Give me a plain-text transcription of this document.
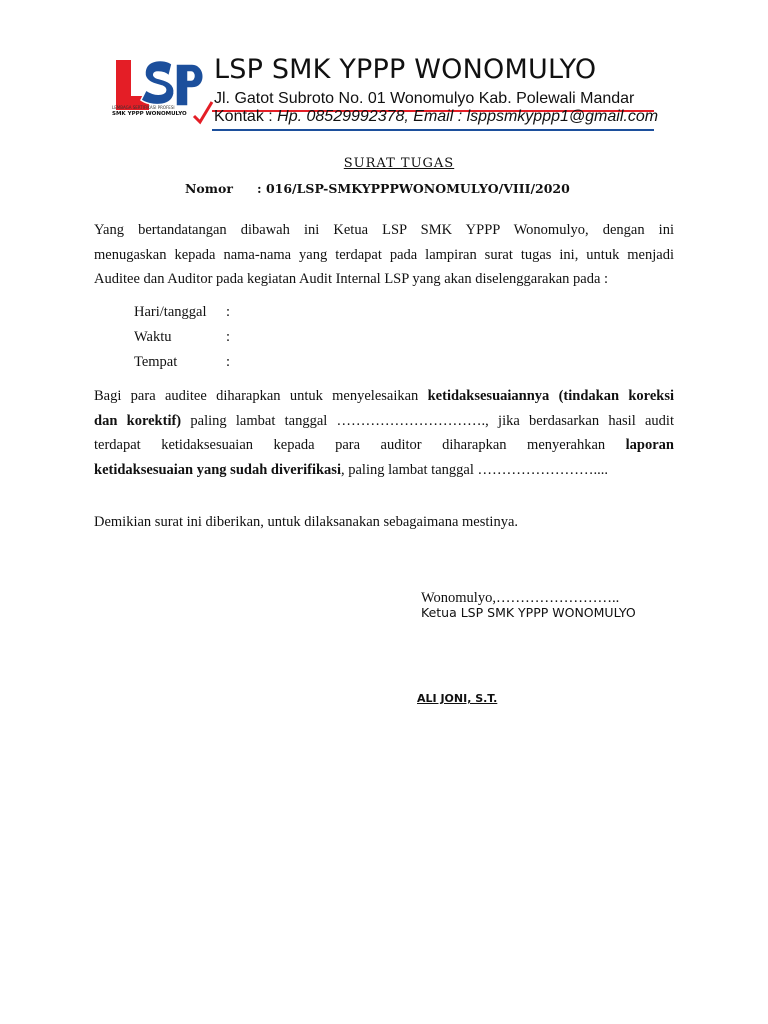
LEMBAGA SERTIFIKASI PROFESI
SMK YPPP WONOMULYO
LSP SMK YPPP WONOMULYO
Jl. Gatot Subroto No. 01 Wonomulyo Kab. Polewali Mandar
Kontak : Hp. 08529992378, Email : lsppsmkyppp1@gmail.com
SURAT TUGAS
Nomor : 016/LSP-SMKYPPPWONOMULYO/VIII/2020
Yang bertandatangan dibawah ini Ketua LSP SMK YPPP Wonomulyo, dengan ini
menugaskan kepada nama-nama yang terdapat pada lampiran surat tugas ini, untuk menjadi
Auditee dan Auditor pada kegiatan Audit Internal LSP yang akan diselenggarakan pada :
Hari/tanggal :
Waktu	:
Tempat	:
Bagi para auditee diharapkan untuk menyelesaikan ketidaksesuaiannya (tindakan koreksi
dan korektif) paling lambat tanggal …………………………., jika berdasarkan hasil audit
terdapat ketidaksesuaian kepada para auditor diharapkan menyerahkan laporan
ketidaksesuaian yang sudah diverifikasi, paling lambat tanggal ……………………....
Demikian surat ini diberikan, untuk dilaksanakan sebagaimana mestinya.
Wonomulyo,……………………..
Ketua LSP SMK YPPP WONOMULYO
ALI JONI, S.T.
